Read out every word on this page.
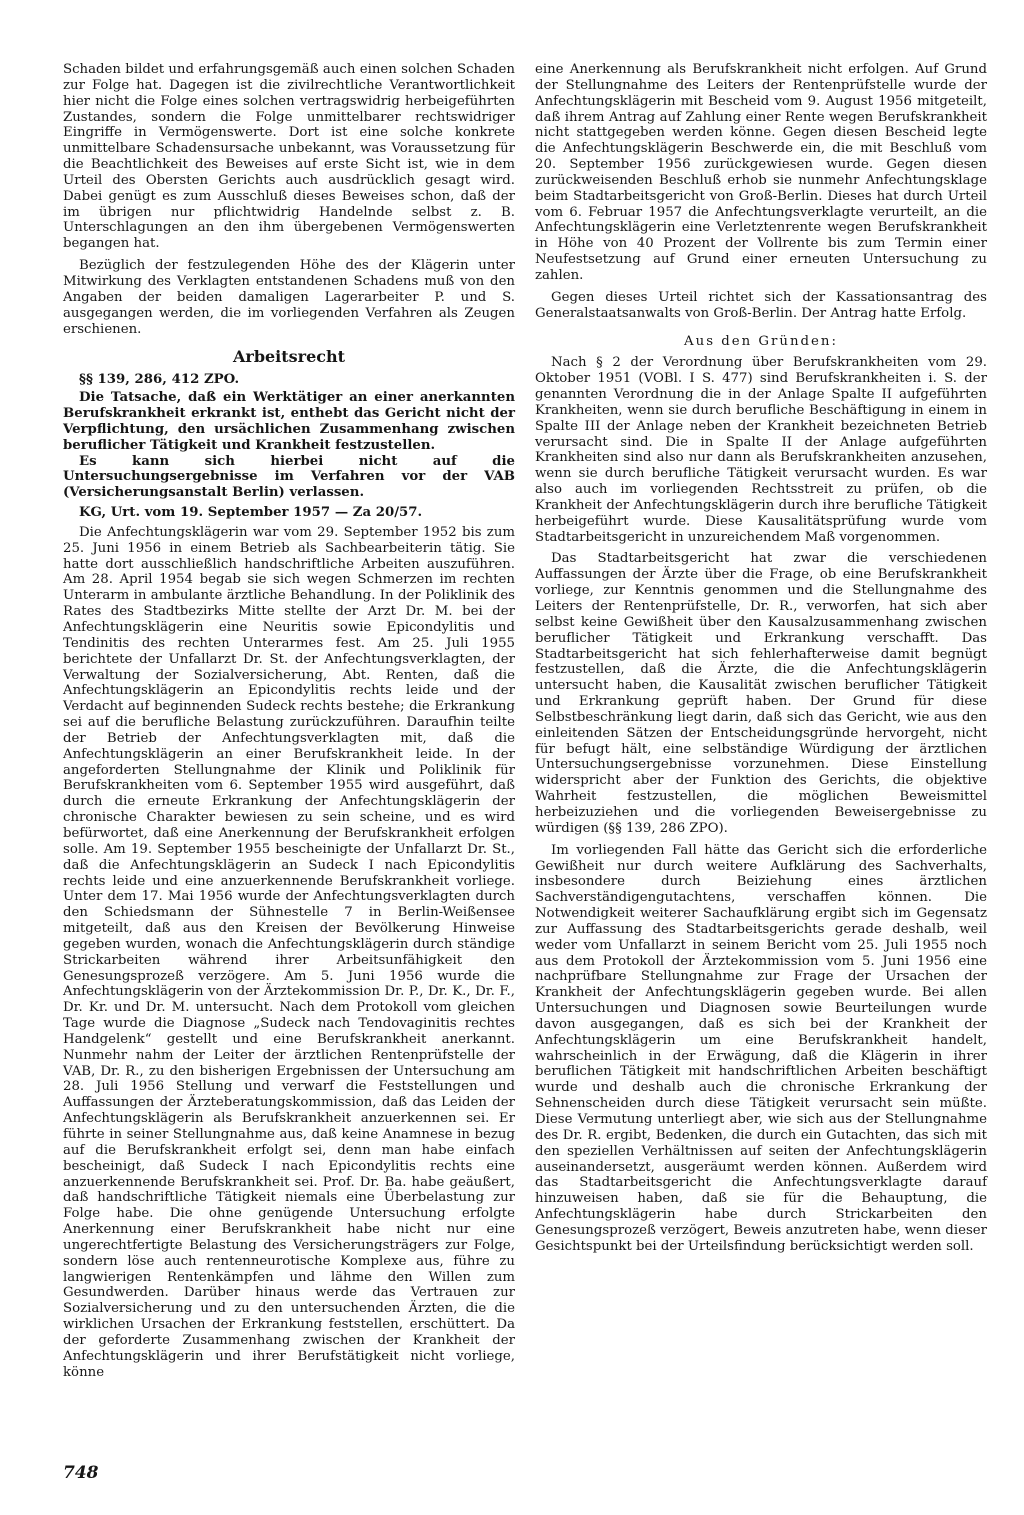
Schaden bildet und erfahrungsgemäß auch einen solchen Schaden zur Folge hat. Dagegen ist die zivilrechtliche Verantwortlichkeit hier nicht die Folge eines solchen vertragswidrig herbeigeführten Zustandes, sondern die Folge unmittelbarer rechtswidriger Eingriffe in Vermögenswerte. Dort ist eine solche konkrete unmittelbare Schadensursache unbekannt, was Voraussetzung für die Beachtlichkeit des Beweises auf erste Sicht ist, wie in dem Urteil des Obersten Gerichts auch ausdrücklich gesagt wird. Dabei genügt es zum Ausschluß dieses Beweises schon, daß der im übrigen nur pflichtwidrig Handelnde selbst z. B. Unterschlagungen an den ihm übergebenen Vermögenswerten begangen hat.

Bezüglich der festzulegenden Höhe des der Klägerin unter Mitwirkung des Verklagten entstandenen Schadens muß von den Angaben der beiden damaligen Lagerarbeiter P. und S. ausgegangen werden, die im vorliegenden Verfahren als Zeugen erschienen.

Arbeitsrecht
§§ 139, 286, 412 ZPO.

Die Tatsache, daß ein Werktätiger an einer anerkannten Berufskrankheit erkrankt ist, enthebt das Gericht nicht der Verpflichtung, den ursächlichen Zusammenhang zwischen beruflicher Tätigkeit und Krankheit festzustellen.

Es kann sich hierbei nicht auf die Untersuchungsergebnisse im Verfahren vor der VAB (Versicherungsanstalt Berlin) verlassen.

KG, Urt. vom 19. September 1957 — Za 20/57.

Die Anfechtungsklägerin war vom 29. September 1952 bis zum 25. Juni 1956 in einem Betrieb als Sachbearbeiterin tätig. Sie hatte dort ausschließlich handschriftliche Arbeiten auszuführen. Am 28. April 1954 begab sie sich wegen Schmerzen im rechten Unterarm in ambulante ärztliche Behandlung. In der Poliklinik des Rates des Stadtbezirks Mitte stellte der Arzt Dr. M. bei der Anfechtungsklägerin eine Neuritis sowie Epicondylitis und Tendinitis des rechten Unterarmes fest. Am 25. Juli 1955 berichtete der Unfallarzt Dr. St. der Anfechtungsverklagten, der Verwaltung der Sozialversicherung, Abt. Renten, daß die Anfechtungsklägerin an Epicondylitis rechts leide und der Verdacht auf beginnenden Sudeck rechts bestehe; die Erkrankung sei auf die berufliche Belastung zurückzuführen. Daraufhin teilte der Betrieb der Anfechtungsverklagten mit, daß die Anfechtungsklägerin an einer Berufskrankheit leide. In der angeforderten Stellungnahme der Klinik und Poliklinik für Berufskrankheiten vom 6. September 1955 wird ausgeführt, daß durch die erneute Erkrankung der Anfechtungsklägerin der chronische Charakter bewiesen zu sein scheine, und es wird befürwortet, daß eine Anerkennung der Berufskrankheit erfolgen solle. Am 19. September 1955 bescheinigte der Unfallarzt Dr. St., daß die Anfechtungsklägerin an Sudeck I nach Epicondylitis rechts leide und eine anzuerkennende Berufskrankheit vorliege. Unter dem 17. Mai 1956 wurde der Anfechtungsverklagten durch den Schiedsmann der Sühnestelle 7 in Berlin-Weißensee mitgeteilt, daß aus den Kreisen der Bevölkerung Hinweise gegeben wurden, wonach die Anfechtungsklägerin durch ständige Strickarbeiten während ihrer Arbeitsunfähigkeit den Genesungsprozeß verzögere. Am 5. Juni 1956 wurde die Anfechtungsklägerin von der Ärztekommission Dr. P., Dr. K., Dr. F., Dr. Kr. und Dr. M. untersucht. Nach dem Protokoll vom gleichen Tage wurde die Diagnose „Sudeck nach Tendovaginitis rechtes Handgelenk“ gestellt und eine Berufskrankheit anerkannt. Nunmehr nahm der Leiter der ärztlichen Rentenprüfstelle der VAB, Dr. R., zu den bisherigen Ergebnissen der Untersuchung am 28. Juli 1956 Stellung und verwarf die Feststellungen und Auffassungen der Ärzteberatungskommission, daß das Leiden der Anfechtungsklägerin als Berufskrankheit anzuerkennen sei. Er führte in seiner Stellungnahme aus, daß keine Anamnese in bezug auf die Berufskrankheit erfolgt sei, denn man habe einfach bescheinigt, daß Sudeck I nach Epicondylitis rechts eine anzuerkennende Berufskrankheit sei. Prof. Dr. Ba. habe geäußert, daß handschriftliche Tätigkeit niemals eine Überbelastung zur Folge habe. Die ohne genügende Untersuchung erfolgte Anerkennung einer Berufskrankheit habe nicht nur eine ungerechtfertigte Belastung des Versicherungsträgers zur Folge, sondern löse auch rentenneurotische Komplexe aus, führe zu langwierigen Rentenkämpfen und lähme den Willen zum Gesundwerden. Darüber hinaus werde das Vertrauen zur Sozialversicherung und zu den untersuchenden Ärzten, die die wirklichen Ursachen der Erkrankung feststellen, erschüttert. Da der geforderte Zusammenhang zwischen der Krankheit der Anfechtungsklägerin und ihrer Berufstätigkeit nicht vorliege, könne

eine Anerkennung als Berufskrankheit nicht erfolgen. Auf Grund der Stellungnahme des Leiters der Rentenprüfstelle wurde der Anfechtungsklägerin mit Bescheid vom 9. August 1956 mitgeteilt, daß ihrem Antrag auf Zahlung einer Rente wegen Berufskrankheit nicht stattgegeben werden könne. Gegen diesen Bescheid legte die Anfechtungsklägerin Beschwerde ein, die mit Beschluß vom 20. September 1956 zurückgewiesen wurde. Gegen diesen zurückweisenden Beschluß erhob sie nunmehr Anfechtungsklage beim Stadtarbeitsgericht von Groß-Berlin. Dieses hat durch Urteil vom 6. Februar 1957 die Anfechtungsverklagte verurteilt, an die Anfechtungsklägerin eine Verletztenrente wegen Berufskrankheit in Höhe von 40 Prozent der Vollrente bis zum Termin einer Neufestsetzung auf Grund einer erneuten Untersuchung zu zahlen.

Gegen dieses Urteil richtet sich der Kassationsantrag des Generalstaatsanwalts von Groß-Berlin. Der Antrag hatte Erfolg.

Aus den Gründen:

Nach § 2 der Verordnung über Berufskrankheiten vom 29. Oktober 1951 (VOBl. I S. 477) sind Berufskrankheiten i. S. der genannten Verordnung die in der Anlage Spalte II aufgeführten Krankheiten, wenn sie durch berufliche Beschäftigung in einem in Spalte III der Anlage neben der Krankheit bezeichneten Betrieb verursacht sind. Die in Spalte II der Anlage aufgeführten Krankheiten sind also nur dann als Berufskrankheiten anzusehen, wenn sie durch berufliche Tätigkeit verursacht wurden. Es war also auch im vorliegenden Rechtsstreit zu prüfen, ob die Krankheit der Anfechtungsklägerin durch ihre berufliche Tätigkeit herbeigeführt wurde. Diese Kausalitätsprüfung wurde vom Stadtarbeitsgericht in unzureichendem Maß vorgenommen.

Das Stadtarbeitsgericht hat zwar die verschiedenen Auffassungen der Ärzte über die Frage, ob eine Berufskrankheit vorliege, zur Kenntnis genommen und die Stellungnahme des Leiters der Rentenprüfstelle, Dr. R., verworfen, hat sich aber selbst keine Gewißheit über den Kausalzusammenhang zwischen beruflicher Tätigkeit und Erkrankung verschafft. Das Stadtarbeitsgericht hat sich fehlerhafterweise damit begnügt festzustellen, daß die Ärzte, die die Anfechtungsklägerin untersucht haben, die Kausalität zwischen beruflicher Tätigkeit und Erkrankung geprüft haben. Der Grund für diese Selbstbeschränkung liegt darin, daß sich das Gericht, wie aus den einleitenden Sätzen der Entscheidungsgründe hervorgeht, nicht für befugt hält, eine selbständige Würdigung der ärztlichen Untersuchungsergebnisse vorzunehmen. Diese Einstellung widerspricht aber der Funktion des Gerichts, die objektive Wahrheit festzustellen, die möglichen Beweismittel herbeizuziehen und die vorliegenden Beweisergebnisse zu würdigen (§§ 139, 286 ZPO).

Im vorliegenden Fall hätte das Gericht sich die erforderliche Gewißheit nur durch weitere Aufklärung des Sachverhalts, insbesondere durch Beiziehung eines ärztlichen Sachverständigengutachtens, verschaffen können. Die Notwendigkeit weiterer Sachaufklärung ergibt sich im Gegensatz zur Auffassung des Stadtarbeitsgerichts gerade deshalb, weil weder vom Unfallarzt in seinem Bericht vom 25. Juli 1955 noch aus dem Protokoll der Ärztekommission vom 5. Juni 1956 eine nachprüfbare Stellungnahme zur Frage der Ursachen der Krankheit der Anfechtungsklägerin gegeben wurde. Bei allen Untersuchungen und Diagnosen sowie Beurteilungen wurde davon ausgegangen, daß es sich bei der Krankheit der Anfechtungsklägerin um eine Berufskrankheit handelt, wahrscheinlich in der Erwägung, daß die Klägerin in ihrer beruflichen Tätigkeit mit handschriftlichen Arbeiten beschäftigt wurde und deshalb auch die chronische Erkrankung der Sehnenscheiden durch diese Tätigkeit verursacht sein müßte. Diese Vermutung unterliegt aber, wie sich aus der Stellungnahme des Dr. R. ergibt, Bedenken, die durch ein Gutachten, das sich mit den speziellen Verhältnissen auf seiten der Anfechtungsklägerin auseinandersetzt, ausgeräumt werden können. Außerdem wird das Stadtarbeitsgericht die Anfechtungsverklagte darauf hinzuweisen haben, daß sie für die Behauptung, die Anfechtungsklägerin habe durch Strickarbeiten den Genesungsprozeß verzögert, Beweis anzutreten habe, wenn dieser Gesichtspunkt bei der Urteilsfindung berücksichtigt werden soll.

748
